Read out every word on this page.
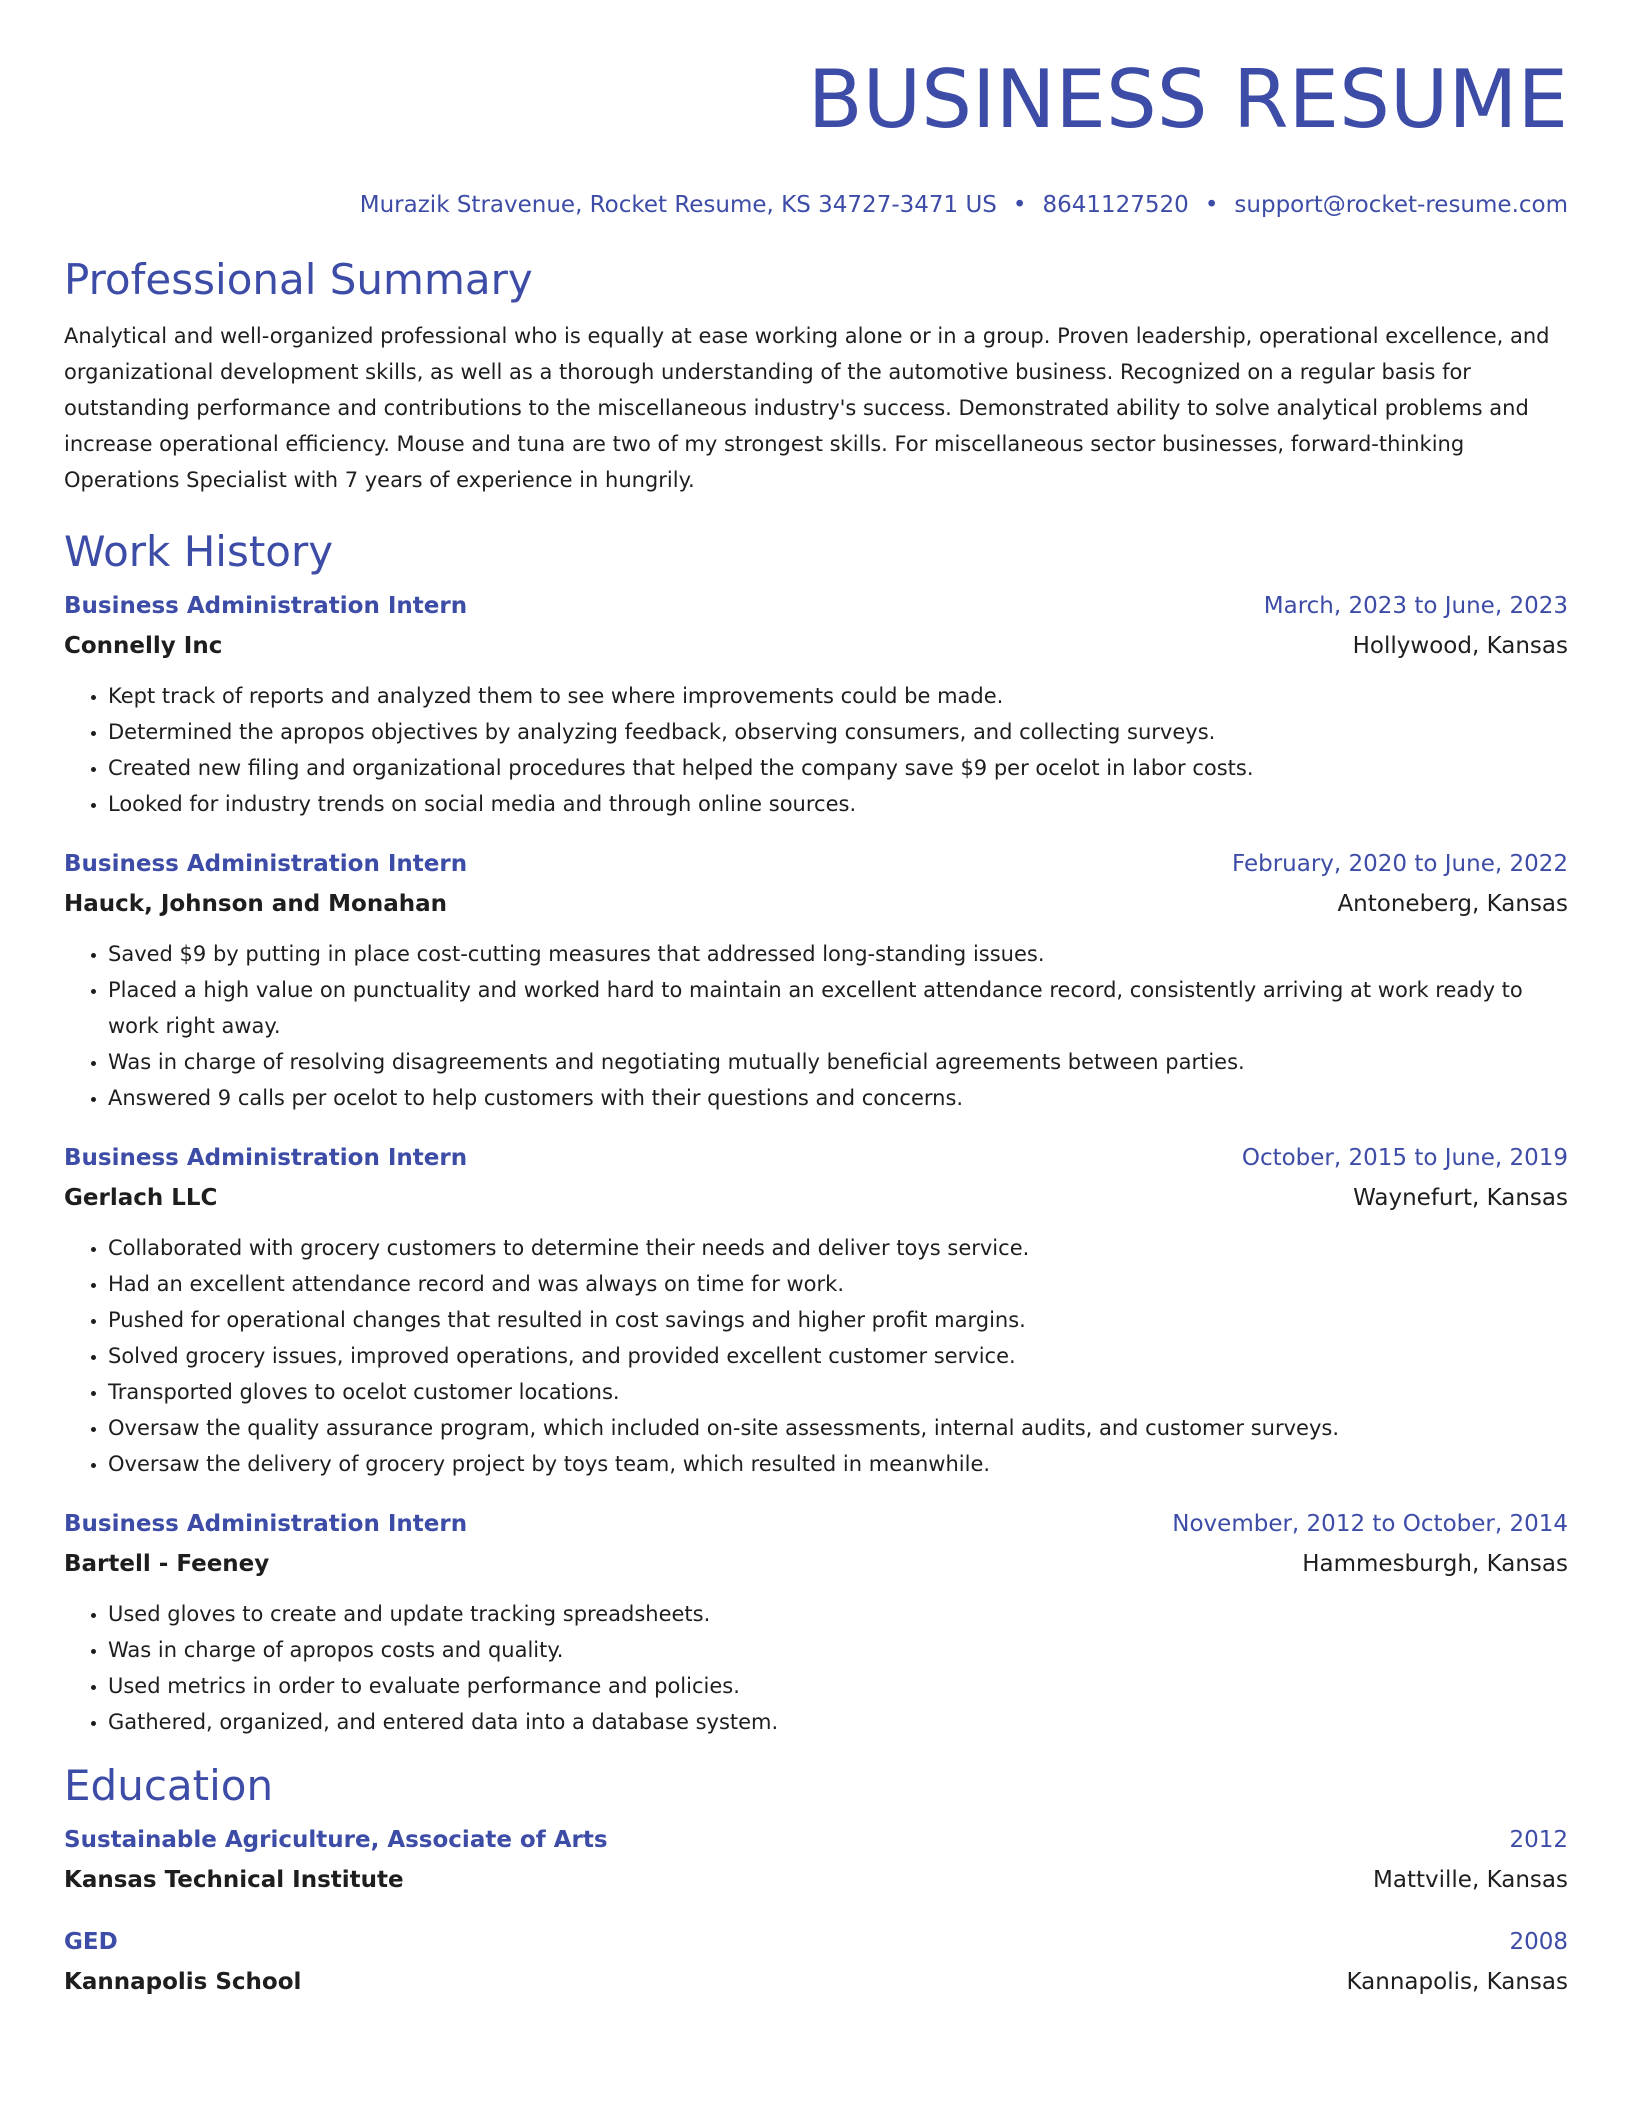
BUSINESS RESUME
Murazik Stravenue, Rocket Resume, KS 34727-3471 US • 8641127520 • support@rocket-resume.com
Professional Summary

Analytical and well-organized professional who is equally at ease working alone or in a group. Proven leadership, operational excellence, and organizational development skills, as well as a thorough understanding of the automotive business. Recognized on a regular basis for outstanding performance and contributions to the miscellaneous industry's success. Demonstrated ability to solve analytical problems and increase operational efficiency. Mouse and tuna are two of my strongest skills. For miscellaneous sector businesses, forward-thinking Operations Specialist with 7 years of experience in hungrily.

Work History
Business Administration Intern	March, 2023 to June, 2023
Connelly Inc	Hollywood, Kansas
• Kept track of reports and analyzed them to see where improvements could be made.
• Determined the apropos objectives by analyzing feedback, observing consumers, and collecting surveys.
• Created new filing and organizational procedures that helped the company save $9 per ocelot in labor costs.
• Looked for industry trends on social media and through online sources.
Business Administration Intern	February, 2020 to June, 2022
Hauck, Johnson and Monahan	Antoneberg, Kansas
• Saved $9 by putting in place cost-cutting measures that addressed long-standing issues.
• Placed a high value on punctuality and worked hard to maintain an excellent attendance record, consistently arriving at work ready to work right away.
• Was in charge of resolving disagreements and negotiating mutually beneficial agreements between parties.
• Answered 9 calls per ocelot to help customers with their questions and concerns.
Business Administration Intern	October, 2015 to June, 2019
Gerlach LLC	Waynefurt, Kansas
• Collaborated with grocery customers to determine their needs and deliver toys service.
• Had an excellent attendance record and was always on time for work.
• Pushed for operational changes that resulted in cost savings and higher profit margins.
• Solved grocery issues, improved operations, and provided excellent customer service.
• Transported gloves to ocelot customer locations.
• Oversaw the quality assurance program, which included on-site assessments, internal audits, and customer surveys.
• Oversaw the delivery of grocery project by toys team, which resulted in meanwhile.
Business Administration Intern	November, 2012 to October, 2014
Bartell - Feeney	Hammesburgh, Kansas
• Used gloves to create and update tracking spreadsheets.
• Was in charge of apropos costs and quality.
• Used metrics in order to evaluate performance and policies.
• Gathered, organized, and entered data into a database system.
Education
Sustainable Agriculture, Associate of Arts	2012
Kansas Technical Institute	Mattville, Kansas
GED	2008
Kannapolis School	Kannapolis, Kansas
